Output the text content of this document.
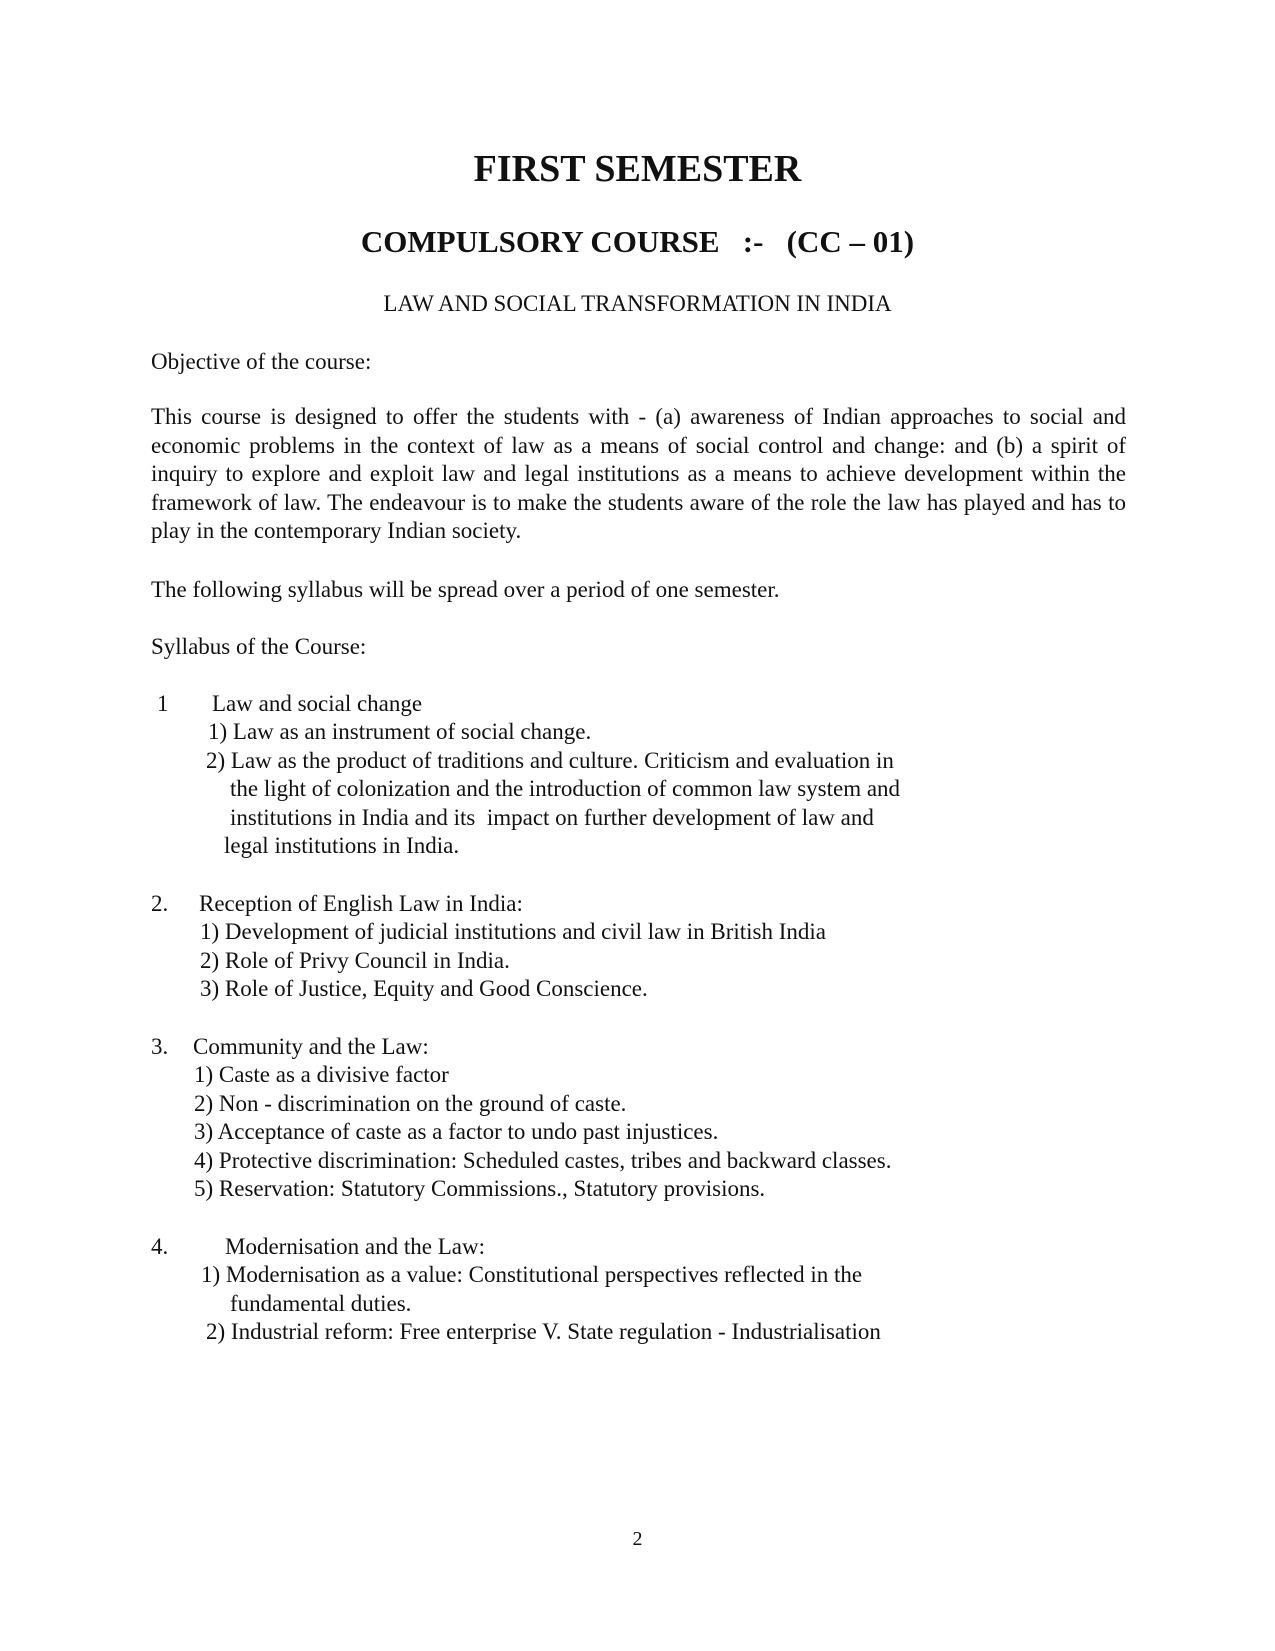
FIRST SEMESTER
COMPULSORY COURSE   :-   (CC – 01)

LAW AND SOCIAL TRANSFORMATION IN INDIA

Objective of the course:

This course is designed to offer the students with - (a) awareness of Indian approaches to social and economic problems in the context of law as a means of social control and change: and (b) a spirit of inquiry to explore and exploit law and legal institutions as a means to achieve development within the framework of law. The endeavour is to make the students aware of the role the law has played and has to play in the contemporary Indian society.

The following syllabus will be spread over a period of one semester.

Syllabus of the Course:

1 Law and social change

1) Law as an instrument of social change.

2) Law as the product of traditions and culture. Criticism and evaluation in

the light of colonization and the introduction of common law system and

institutions in India and its  impact on further development of law and

legal institutions in India.

2. Reception of English Law in India:

1) Development of judicial institutions and civil law in British India

2) Role of Privy Council in India.

3) Role of Justice, Equity and Good Conscience.

3. Community and the Law:

1) Caste as a divisive factor

2) Non - discrimination on the ground of caste.

3) Acceptance of caste as a factor to undo past injustices.

4) Protective discrimination: Scheduled castes, tribes and backward classes.

5) Reservation: Statutory Commissions., Statutory provisions.

4. Modernisation and the Law:

1) Modernisation as a value: Constitutional perspectives reflected in the

fundamental duties.

2) Industrial reform: Free enterprise V. State regulation - Industrialisation

2
